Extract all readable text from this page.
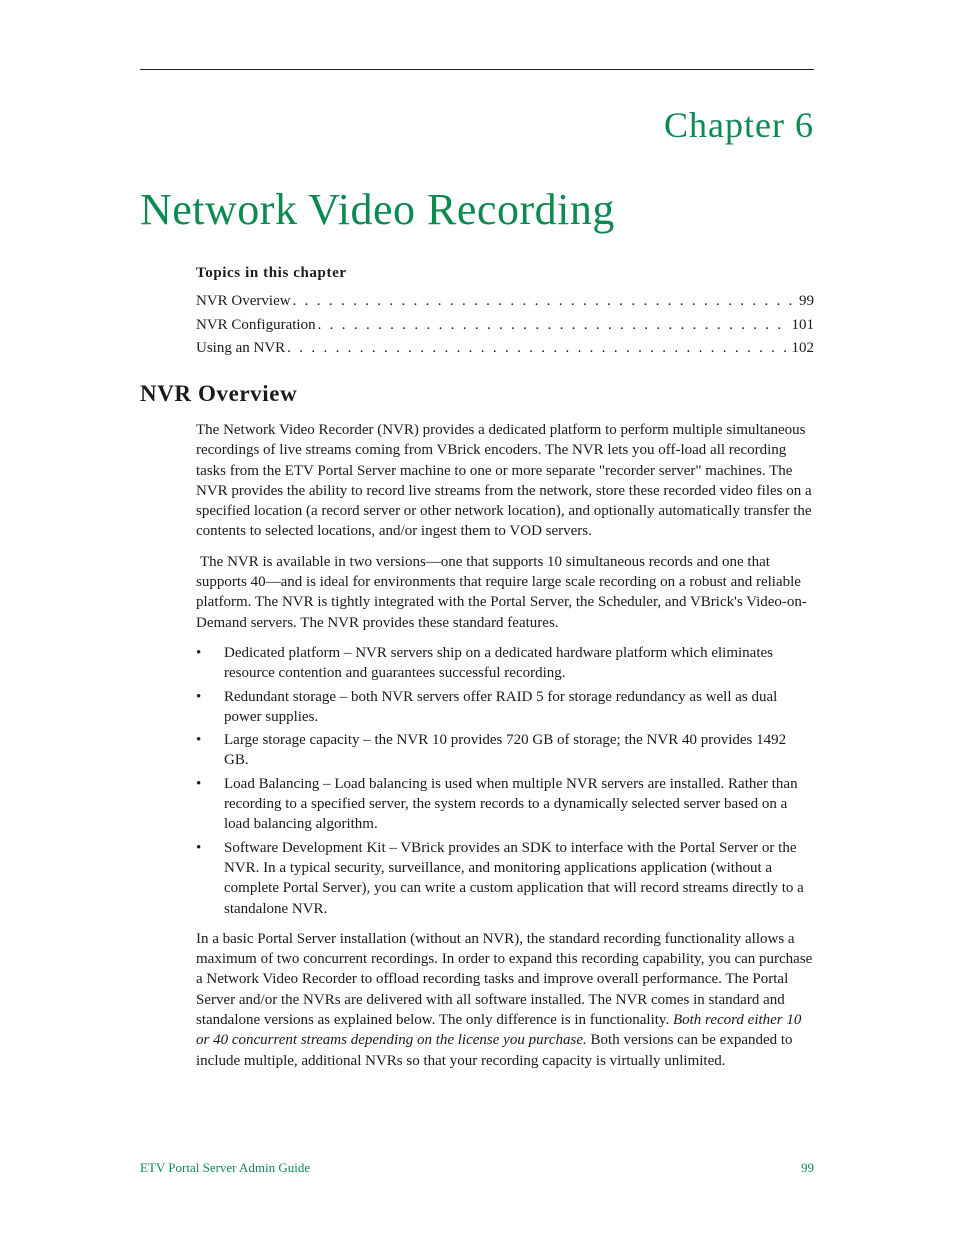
Chapter 6
Network Video Recording
Topics in this chapter
NVR Overview . . .	99
NVR Configuration . . .	101
Using an NVR . . .	102
NVR Overview

The Network Video Recorder (NVR) provides a dedicated platform to perform multiple simultaneous recordings of live streams coming from VBrick encoders. The NVR lets you off-load all recording tasks from the ETV Portal Server machine to one or more separate "recorder server" machines. The NVR provides the ability to record live streams from the network, store these recorded video files on a specified location (a record server or other network location), and optionally automatically transfer the contents to selected locations, and/or ingest them to VOD servers.

The NVR is available in two versions—one that supports 10 simultaneous records and one that supports 40—and is ideal for environments that require large scale recording on a robust and reliable platform. The NVR is tightly integrated with the Portal Server, the Scheduler, and VBrick's Video-on-Demand servers. The NVR provides these standard features.

• Dedicated platform – NVR servers ship on a dedicated hardware platform which eliminates resource contention and guarantees successful recording.
• Redundant storage – both NVR servers offer RAID 5 for storage redundancy as well as dual power supplies.
• Large storage capacity – the NVR 10 provides 720 GB of storage; the NVR 40 provides 1492 GB.
• Load Balancing – Load balancing is used when multiple NVR servers are installed. Rather than recording to a specified server, the system records to a dynamically selected server based on a load balancing algorithm.
• Software Development Kit – VBrick provides an SDK to interface with the Portal Server or the NVR. In a typical security, surveillance, and monitoring applications application (without a complete Portal Server), you can write a custom application that will record streams directly to a standalone NVR.

In a basic Portal Server installation (without an NVR), the standard recording functionality allows a maximum of two concurrent recordings. In order to expand this recording capability, you can purchase a Network Video Recorder to offload recording tasks and improve overall performance. The Portal Server and/or the NVRs are delivered with all software installed. The NVR comes in standard and standalone versions as explained below. The only difference is in functionality. Both record either 10 or 40 concurrent streams depending on the license you purchase. Both versions can be expanded to include multiple, additional NVRs so that your recording capacity is virtually unlimited.

ETV Portal Server Admin Guide	99
